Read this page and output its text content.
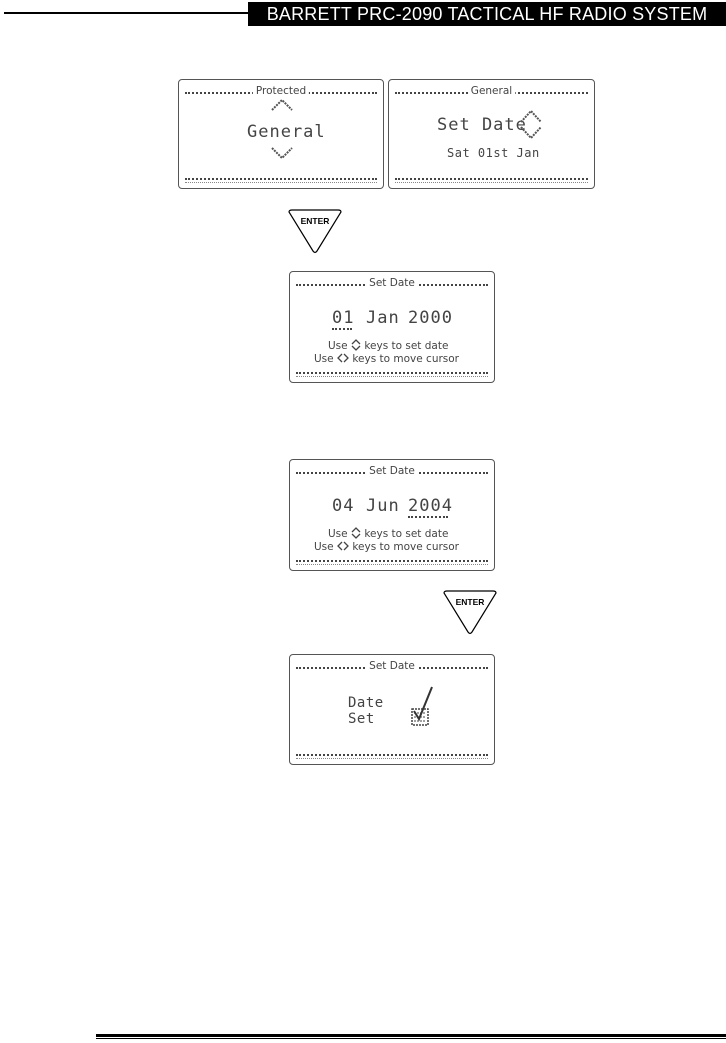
BARRETT PRC-2090 TACTICAL HF RADIO SYSTEM
Protected
General
General
Set Date
Sat 01st Jan
ENTER
Set Date
01 Jan 2000
Use keys to set date
Use keys to move cursor
Set Date
04 Jun 2004
Use keys to set date
Use keys to move cursor
ENTER
Set Date
Date
Set
